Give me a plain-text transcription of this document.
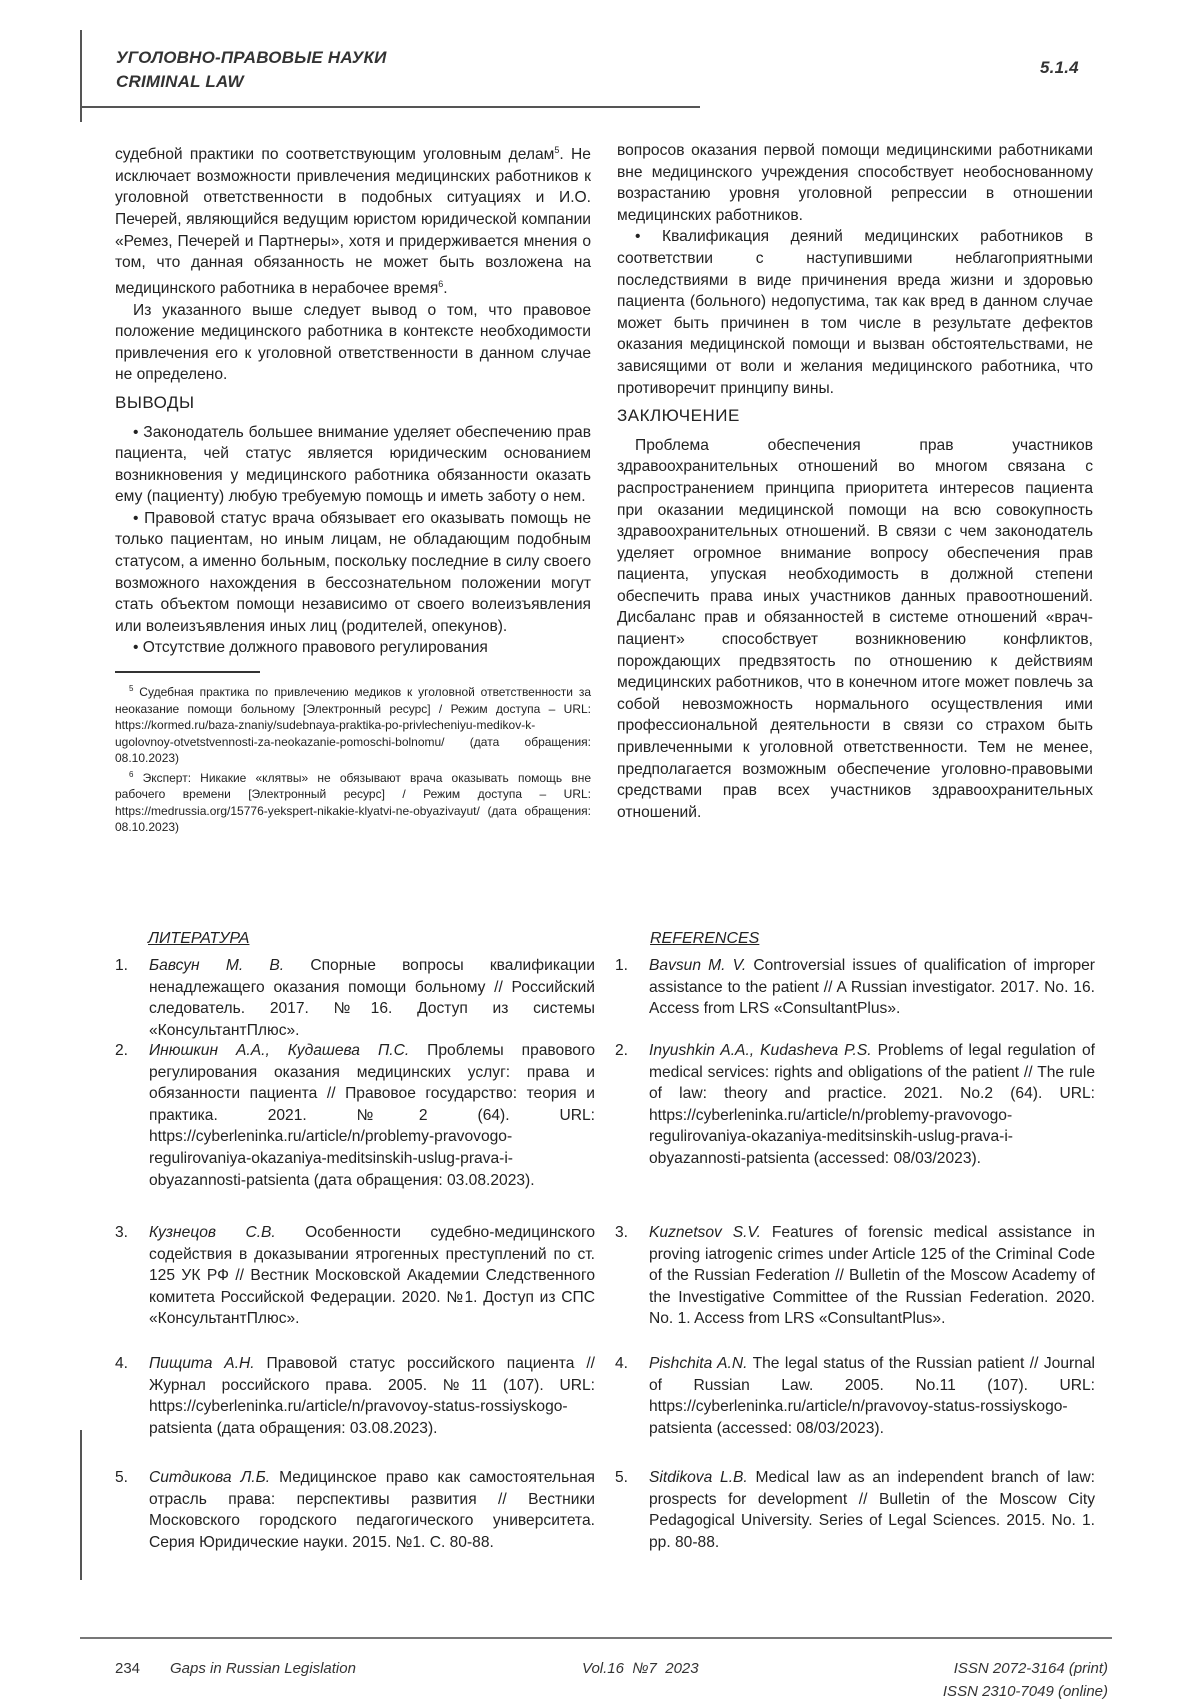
УГОЛОВНО-ПРАВОВЫЕ НАУКИ
CRIMINAL LAW
5.1.4

судебной практики по соответствующим уголовным делам5. Не исключает возможности привлечения медицинских работников к уголовной ответственности в подобных ситуациях и И.О. Печерей, являющийся ведущим юристом юридической компании «Ремез, Печерей и Партнеры», хотя и придерживается мнения о том, что данная обязанность не может быть возложена на медицинского работника в нерабочее время6.

Из указанного выше следует вывод о том, что правовое положение медицинского работника в контексте необходимости привлечения его к уголовной ответственности в данном случае не определено.

ВЫВОДЫ

• Законодатель большее внимание уделяет обеспечению прав пациента, чей статус является юридическим основанием возникновения у медицинского работника обязанности оказать ему (пациенту) любую требуемую помощь и иметь заботу о нем.

• Правовой статус врача обязывает его оказывать помощь не только пациентам, но иным лицам, не обладающим подобным статусом, а именно больным, поскольку последние в силу своего возможного нахождения в бессознательном положении могут стать объектом помощи независимо от своего волеизъявления или волеизъявления иных лиц (родителей, опекунов).

• Отсутствие должного правового регулирования

5 Судебная практика по привлечению медиков к уголовной ответственности за неоказание помощи больному [Электронный ресурс] / Режим доступа – URL: https://kormed.ru/baza-znaniy/sudebnaya-praktika-po-privlecheniyu-medikov-k-ugolovnoy-otvetstvennosti-za-neokazanie-pomoschi-bolnomu/ (дата обращения: 08.10.2023)
6 Эксперт: Никакие «клятвы» не обязывают врача оказывать помощь вне рабочего времени [Электронный ресурс] / Режим доступа – URL: https://medrussia.org/15776-yekspert-nikakie-klyatvi-ne-obyazivayut/ (дата обращения: 08.10.2023)

вопросов оказания первой помощи медицинскими работниками вне медицинского учреждения способствует необоснованному возрастанию уровня уголовной репрессии в отношении медицинских работников.

• Квалификация деяний медицинских работников в соответствии с наступившими неблагоприятными последствиями в виде причинения вреда жизни и здоровью пациента (больного) недопустима, так как вред в данном случае может быть причинен в том числе в результате дефектов оказания медицинской помощи и вызван обстоятельствами, не зависящими от воли и желания медицинского работника, что противоречит принципу вины.

ЗАКЛЮЧЕНИЕ

Проблема обеспечения прав участников здравоохранительных отношений во многом связана с распространением принципа приоритета интересов пациента при оказании медицинской помощи на всю совокупность здравоохранительных отношений. В связи с чем законодатель уделяет огромное внимание вопросу обеспечения прав пациента, упуская необходимость в должной степени обеспечить права иных участников данных правоотношений. Дисбаланс прав и обязанностей в системе отношений «врач-пациент» способствует возникновению конфликтов, порождающих предвзятость по отношению к действиям медицинских работников, что в конечном итоге может повлечь за собой невозможность нормального осуществления ими профессиональной деятельности в связи со страхом быть привлеченными к уголовной ответственности. Тем не менее, предполагается возможным обеспечение уголовно-правовыми средствами прав всех участников здравоохранительных отношений.

ЛИТЕРАТУРА	REFERENCES
1.	Бавсун М. В. Спорные вопросы квалификации ненадлежащего оказания помощи больному // Российский следователь. 2017. №16. Доступ из системы «КонсультантПлюс».
2.	Инюшкин А.А., Кудашева П.С. Проблемы правового регулирования оказания медицинских услуг: права и обязанности пациента // Правовое государство: теория и практика. 2021. №2 (64). URL: https://cyberleninka.ru/article/n/problemy-pravovogo-regulirovaniya-okazaniya-meditsinskih-uslug-prava-i-obyazannosti-patsienta (дата обращения: 03.08.2023).
3.	Кузнецов С.В. Особенности судебно-медицинского содействия в доказывании ятрогенных преступлений по ст. 125 УК РФ // Вестник Московской Академии Следственного комитета Российской Федерации. 2020. №1. Доступ из СПС «КонсультантПлюс».
4.	Пищита А.Н. Правовой статус российского пациента // Журнал российского права. 2005. №11 (107). URL: https://cyberleninka.ru/article/n/pravovoy-status-rossiyskogo-patsienta (дата обращения: 03.08.2023).
5.	Ситдикова Л.Б. Медицинское право как самостоятельная отрасль права: перспективы развития // Вестники Московского городского педагогического университета. Серия Юридические науки. 2015. №1. С. 80-88.
1.	Bavsun M. V. Controversial issues of qualification of improper assistance to the patient // A Russian investigator. 2017. No. 16. Access from LRS «ConsultantPlus».
2.	Inyushkin A.A., Kudasheva P.S. Problems of legal regulation of medical services: rights and obligations of the patient // The rule of law: theory and practice. 2021. No.2 (64). URL: https://cyberleninka.ru/article/n/problemy-pravovogo-regulirovaniya-okazaniya-meditsinskih-uslug-prava-i-obyazannosti-patsienta (accessed: 08/03/2023).
3.	Kuznetsov S.V. Features of forensic medical assistance in proving iatrogenic crimes under Article 125 of the Criminal Code of the Russian Federation // Bulletin of the Moscow Academy of the Investigative Committee of the Russian Federation. 2020. No. 1. Access from LRS «ConsultantPlus».
4.	Pishchita A.N. The legal status of the Russian patient // Journal of Russian Law. 2005. No.11 (107). URL: https://cyberleninka.ru/article/n/pravovoy-status-rossiyskogo-patsienta (accessed: 08/03/2023).
5.	Sitdikova L.B. Medical law as an independent branch of law: prospects for development // Bulletin of the Moscow City Pedagogical University. Series of Legal Sciences. 2015. No. 1. pp. 80-88.
234 Gaps in Russian Legislation	Vol.16  №7  2023	ISSN 2072-3164 (print)
ISSN 2310-7049 (online)
